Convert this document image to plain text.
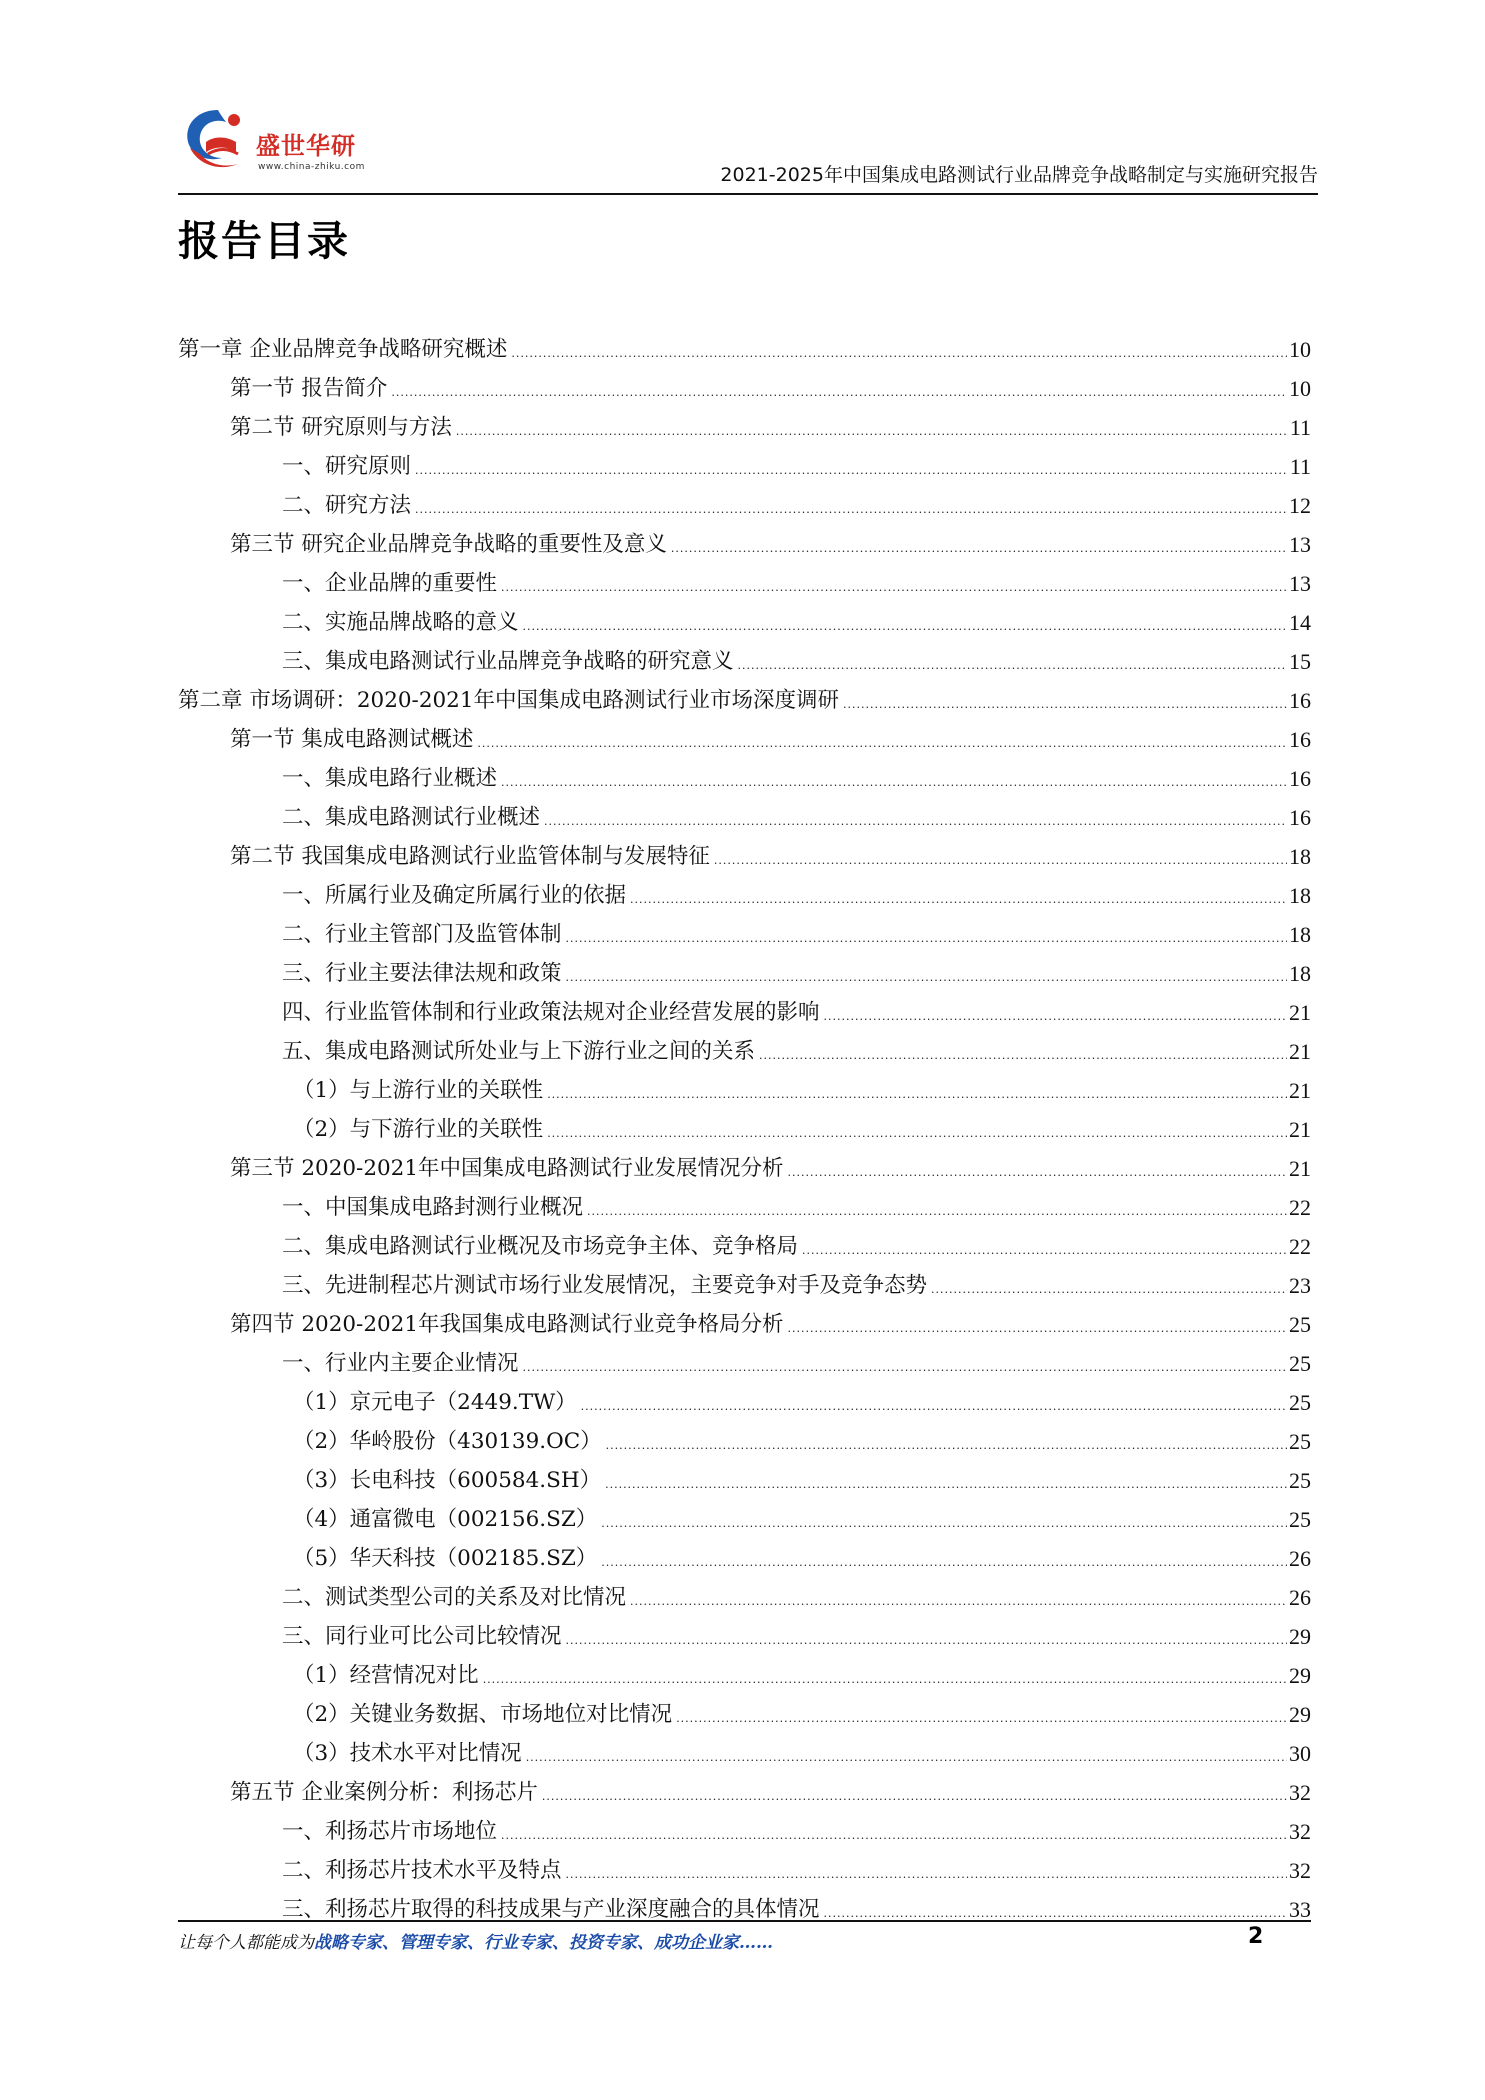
盛世华研
www.china-zhiku.com	2021-2025年中国集成电路测试行业品牌竞争战略制定与实施研究报告
报告目录
第一章 企业品牌竞争战略研究概述 .....	10
第一节 报告简介 .....	10
第二节 研究原则与方法 .....	11
一、研究原则 .....	11
二、研究方法 .....	12
第三节 研究企业品牌竞争战略的重要性及意义 .....	13
一、企业品牌的重要性 .....	13
二、实施品牌战略的意义 .....	14
三、集成电路测试行业品牌竞争战略的研究意义 .....	15
第二章 市场调研：2020-2021年中国集成电路测试行业市场深度调研 .....	16
第一节 集成电路测试概述 .....	16
一、集成电路行业概述 .....	16
二、集成电路测试行业概述 .....	16
第二节 我国集成电路测试行业监管体制与发展特征 .....	18
一、所属行业及确定所属行业的依据 .....	18
二、行业主管部门及监管体制 .....	18
三、行业主要法律法规和政策 .....	18
四、行业监管体制和行业政策法规对企业经营发展的影响 .....	21
五、集成电路测试所处业与上下游行业之间的关系 .....	21
（1）与上游行业的关联性 .....	21
（2）与下游行业的关联性 .....	21
第三节 2020-2021年中国集成电路测试行业发展情况分析 .....	21
一、中国集成电路封测行业概况 .....	22
二、集成电路测试行业概况及市场竞争主体、竞争格局 .....	22
三、先进制程芯片测试市场行业发展情况，主要竞争对手及竞争态势 .....	23
第四节 2020-2021年我国集成电路测试行业竞争格局分析 .....	25
一、行业内主要企业情况 .....	25
（1）京元电子（2449.TW） .....	25
（2）华岭股份（430139.OC） .....	25
（3）长电科技（600584.SH） .....	25
（4）通富微电（002156.SZ） .....	25
（5）华天科技（002185.SZ） .....	26
二、测试类型公司的关系及对比情况 .....	26
三、同行业可比公司比较情况 .....	29
（1）经营情况对比 .....	29
（2）关键业务数据、市场地位对比情况 .....	29
（3）技术水平对比情况 .....	30
第五节 企业案例分析：利扬芯片 .....	32
一、利扬芯片市场地位 .....	32
二、利扬芯片技术水平及特点 .....	32
三、利扬芯片取得的科技成果与产业深度融合的具体情况 .....	33
让每个人都能成为战略专家、管理专家、行业专家、投资专家、成功企业家……	2
